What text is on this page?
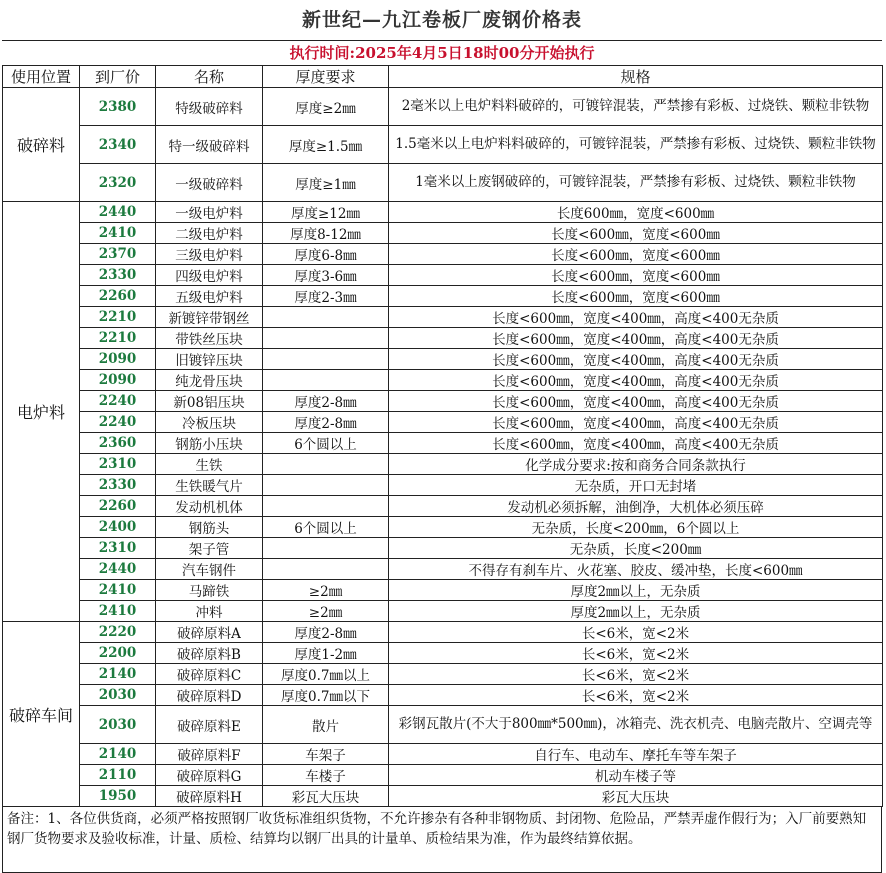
新世纪—九江卷板厂废钢价格表
执行时间:2025年4月5日18时00分开始执行
使用位置	到厂价	名称	厚度要求	规格
破碎料	2380	特级破碎料	厚度≥2㎜	2毫米以上电炉料料破碎的，可镀锌混装，严禁掺有彩板、过烧铁、颗粒非铁物
	2340	特一级破碎料	厚度≥1.5㎜	1.5毫米以上电炉料料破碎的，可镀锌混装，严禁掺有彩板、过烧铁、颗粒非铁物
	2320	一级破碎料	厚度≥1㎜	1毫米以上废钢破碎的，可镀锌混装，严禁掺有彩板、过烧铁、颗粒非铁物
电炉料	2440	一级电炉料	厚度≥12㎜	长度600㎜，宽度<600㎜
	2410	二级电炉料	厚度8-12㎜	长度<600㎜，宽度<600㎜
	2370	三级电炉料	厚度6-8㎜	长度<600㎜，宽度<600㎜
	2330	四级电炉料	厚度3-6㎜	长度<600㎜，宽度<600㎜
	2260	五级电炉料	厚度2-3㎜	长度<600㎜，宽度<600㎜
	2210	新镀锌带钢丝		长度<600㎜，宽度<400㎜，高度<400无杂质
	2210	带铁丝压块		长度<600㎜，宽度<400㎜，高度<400无杂质
	2090	旧镀锌压块		长度<600㎜，宽度<400㎜，高度<400无杂质
	2090	纯龙骨压块		长度<600㎜，宽度<400㎜，高度<400无杂质
	2240	新08铝压块	厚度2-8㎜	长度<600㎜，宽度<400㎜，高度<400无杂质
	2240	冷板压块	厚度2-8㎜	长度<600㎜，宽度<400㎜，高度<400无杂质
	2360	钢筋小压块	6个圆以上	长度<600㎜，宽度<400㎜，高度<400无杂质
	2310	生铁		化学成分要求:按和商务合同条款执行
	2330	生铁暖气片		无杂质，开口无封堵
	2260	发动机机体		发动机必须拆解，油倒净，大机体必须压碎
	2400	钢筋头	6个圆以上	无杂质，长度<200㎜，6个圆以上
	2310	架子管		无杂质，长度<200㎜
	2440	汽车钢件		不得存有刹车片、火花塞、胶皮、缓冲垫，长度<600㎜
	2410	马蹄铁	≥2㎜	厚度2㎜以上，无杂质
	2410	冲料	≥2㎜	厚度2㎜以上，无杂质
破碎车间	2220	破碎原料A	厚度2-8㎜	长<6米，宽<2米
	2200	破碎原料B	厚度1-2㎜	长<6米，宽<2米
	2140	破碎原料C	厚度0.7㎜以上	长<6米，宽<2米
	2030	破碎原料D	厚度0.7㎜以下	长<6米，宽<2米
	2030	破碎原料E	散片	彩钢瓦散片(不大于800㎜*500㎜)，冰箱壳、洗衣机壳、电脑壳散片、空调壳等
	2140	破碎原料F	车架子	自行车、电动车、摩托车等车架子
	2110	破碎原料G	车楼子	机动车楼子等
	1950	破碎原料H	彩瓦大压块	彩瓦大压块
备注：1、各位供货商，必须严格按照钢厂收货标准组织货物，不允许掺杂有各种非钢物质、封闭物、危险品，严禁弄虚作假行为；入厂前要熟知钢厂货物要求及验收标准，计量、质检、结算均以钢厂出具的计量单、质检结果为准，作为最终结算依据。
